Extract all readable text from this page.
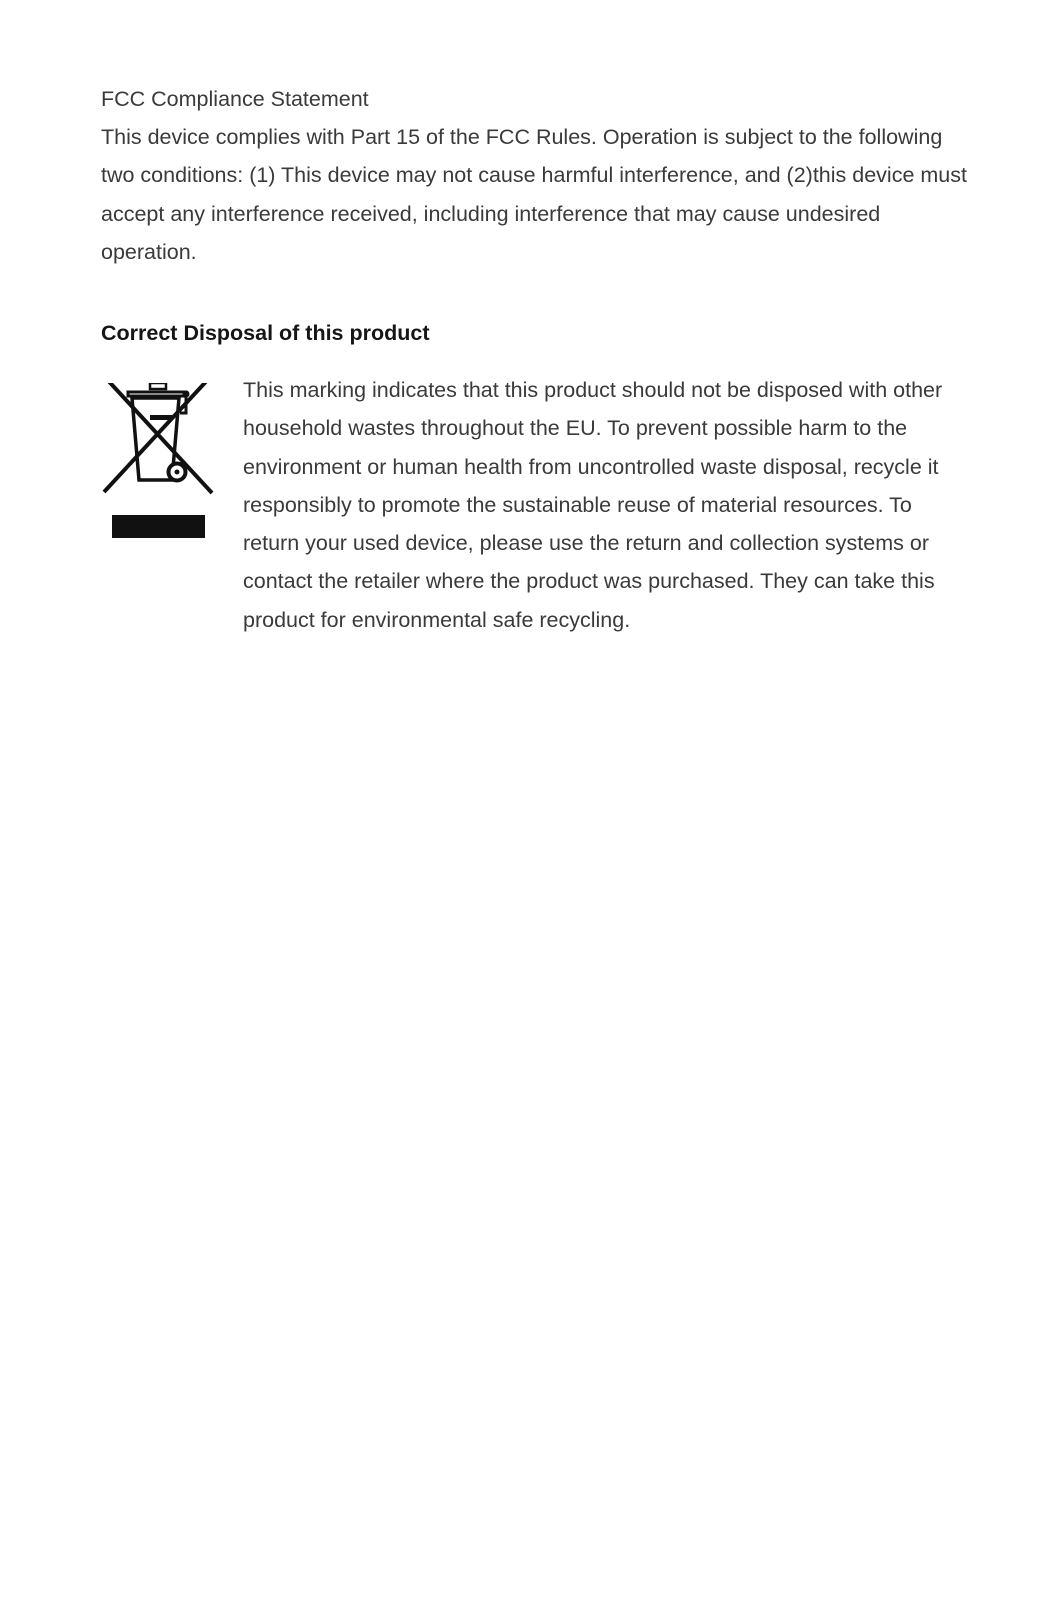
FCC Compliance Statement

This device complies with Part 15 of the FCC Rules. Operation is subject to the following two conditions: (1) This device may not cause harmful interference, and (2)this device must accept any interference received, including interference that may cause undesired operation.

Correct Disposal of this product

This marking indicates that this product should not be disposed with other household wastes throughout the EU. To prevent possible harm to the environment or human health from uncontrolled waste disposal, recycle it responsibly to promote the sustainable reuse of material resources. To return your used device, please use the return and collection systems or contact the retailer where the product was purchased. They can take this product for environmental safe recycling.
